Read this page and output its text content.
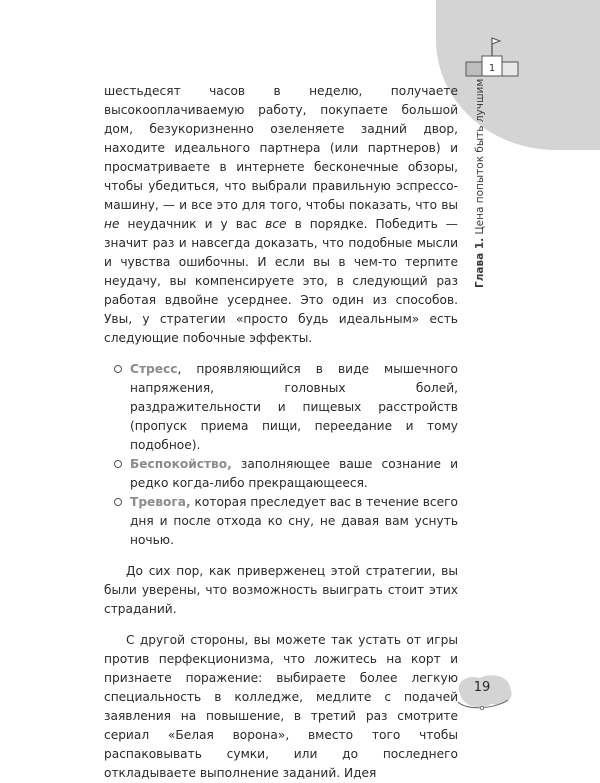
1
Глава 1. Цена попыток быть лучшим

шестьдесят часов в неделю, получаете высокооплачиваемую работу, покупаете большой дом, безукоризненно озеленяете задний двор, находите идеального партнера (или партнеров) и просматриваете в интернете бесконечные обзоры, чтобы убедиться, что выбрали правильную эспрессо-машину, — и все это для того, чтобы показать, что вы не неудачник и у вас все в порядке. Победить — значит раз и навсегда доказать, что подобные мысли и чувства ошибочны. И если вы в чем-то терпите неудачу, вы компенсируете это, в следующий раз работая вдвойне усерднее. Это один из способов. Увы, у стратегии «просто будь идеальным» есть следующие побочные эффекты.

Стресс, проявляющийся в виде мышечного напряжения, головных болей, раздражительности и пищевых расстройств (пропуск приема пищи, переедание и тому подобное).
Беспокойство, заполняющее ваше сознание и редко когда-либо прекращающееся.
Тревога, которая преследует вас в течение всего дня и после отхода ко сну, не давая вам уснуть ночью.

До сих пор, как приверженец этой стратегии, вы были уверены, что возможность выиграть стоит этих страданий.

С другой стороны, вы можете так устать от игры против перфекционизма, что ложитесь на корт и признаете поражение: выбираете более легкую специальность в колледже, медлите с подачей заявления на повышение, в третий раз смотрите сериал «Белая ворона», вместо того чтобы распаковывать сумки, или до последнего откладываете выполнение заданий. Идея

19
